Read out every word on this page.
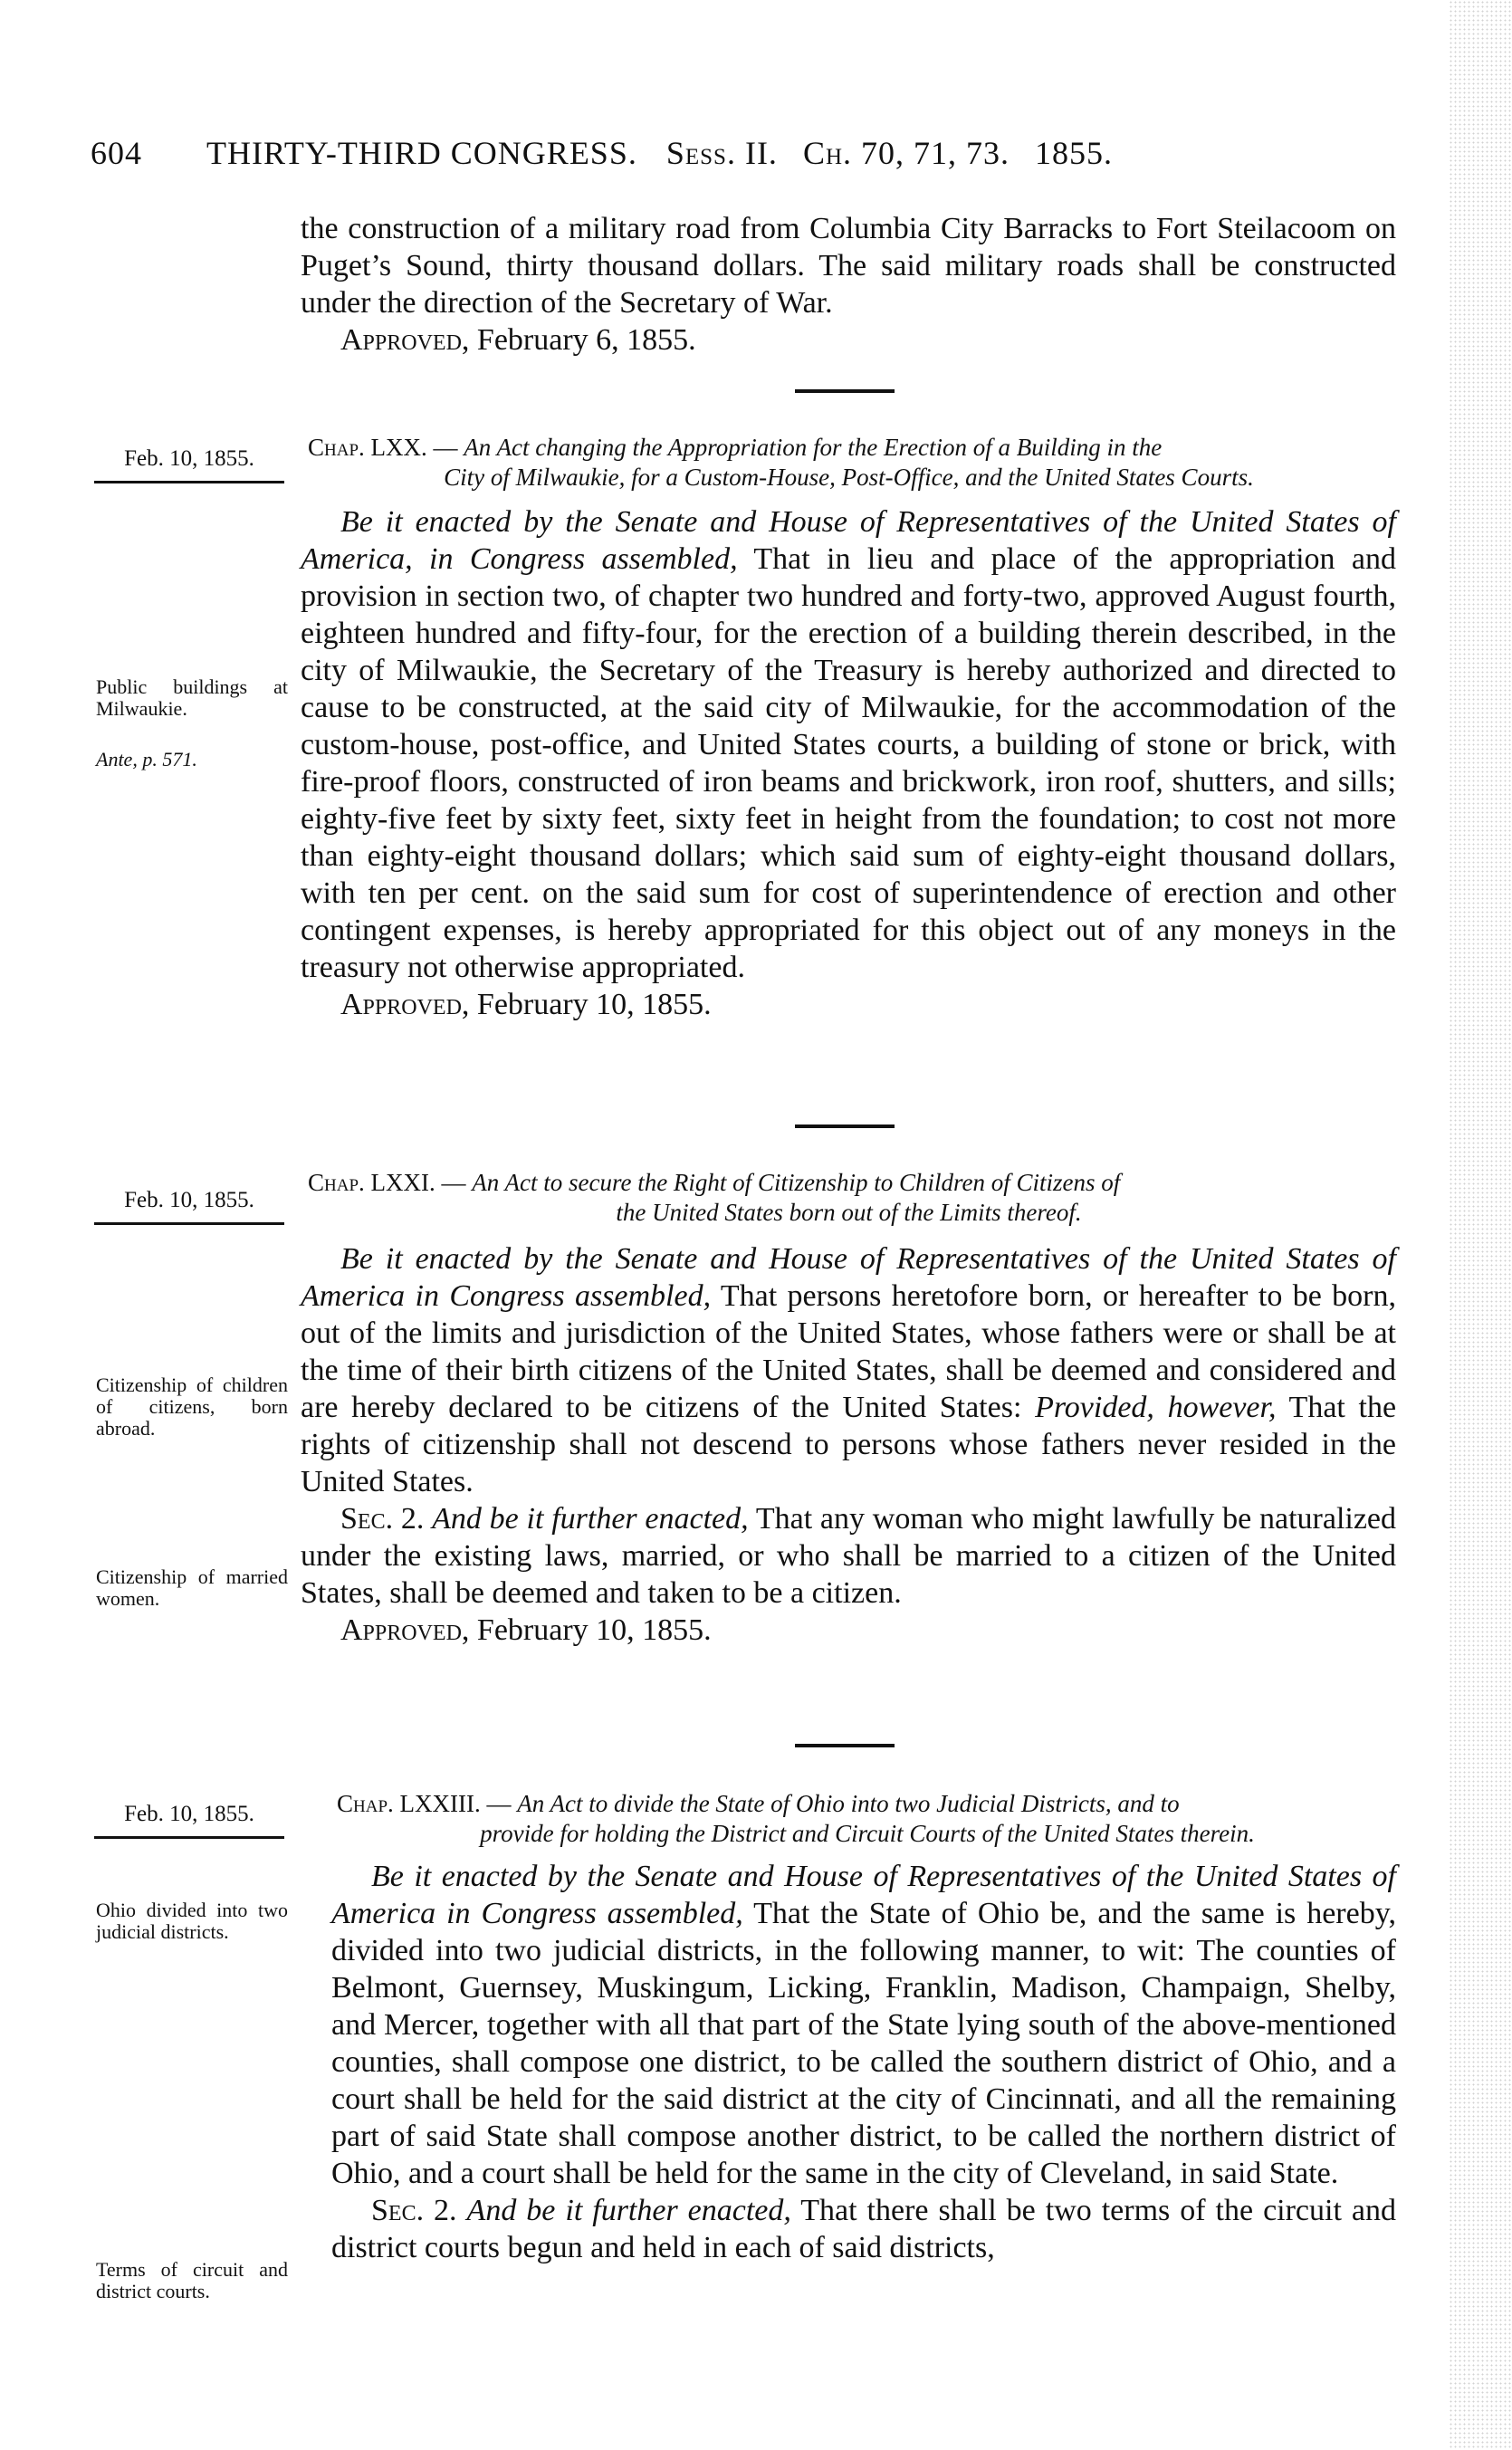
604	THIRTY-THIRD CONGRESS. Sess. II. Ch. 70, 71, 73. 1855.

the construction of a military road from Columbia City Barracks to Fort Steilacoom on Puget’s Sound, thirty thousand dollars. The said military roads shall be constructed under the direction of the Secretary of War.

Approved, February 6, 1855.

Feb. 10, 1855.	Chap. LXX. — An Act changing the Appropriation for the Erection of a Building in the
City of Milwaukie, for a Custom-House, Post-Office, and the United States Courts.

Be it enacted by the Senate and House of Representatives of the United States of America, in Congress assembled, That in lieu and place of the appropriation and provision in section two, of chapter two hundred and forty-two, approved August fourth, eighteen hundred and fifty-four, for the erection of a building therein described, in the city of Milwaukie, the Secretary of the Treasury is hereby authorized and directed to cause to be constructed, at the said city of Milwaukie, for the accommodation of the custom-house, post-office, and United States courts, a building of stone or brick, with fire-proof floors, constructed of iron beams and brickwork, iron roof, shutters, and sills; eighty-five feet by sixty feet, sixty feet in height from the foundation; to cost not more than eighty-eight thousand dollars; which said sum of eighty-eight thousand dollars, with ten per cent. on the said sum for cost of superintendence of erection and other contingent expenses, is hereby appropriated for this object out of any moneys in the treasury not otherwise appropriated.

Approved, February 10, 1855.

Public buildings at Milwaukie.
Ante, p. 571.
Feb. 10, 1855.
Chap. LXXI. — An Act to secure the Right of Citizenship to Children of Citizens of
the United States born out of the Limits thereof.

Be it enacted by the Senate and House of Representatives of the United States of America in Congress assembled, That persons heretofore born, or hereafter to be born, out of the limits and jurisdiction of the United States, whose fathers were or shall be at the time of their birth citizens of the United States, shall be deemed and considered and are hereby declared to be citizens of the United States: Provided, however, That the rights of citizenship shall not descend to persons whose fathers never resided in the United States.

Sec. 2. And be it further enacted, That any woman who might lawfully be naturalized under the existing laws, married, or who shall be married to a citizen of the United States, shall be deemed and taken to be a citizen.

Approved, February 10, 1855.

Citizenship of children of citizens, born abroad.
Citizenship of married women.
Feb. 10, 1855.	Chap. LXXIII. — An Act to divide the State of Ohio into two Judicial Districts, and to
provide for holding the District and Circuit Courts of the United States therein.

Be it enacted by the Senate and House of Representatives of the United States of America in Congress assembled, That the State of Ohio be, and the same is hereby, divided into two judicial districts, in the following manner, to wit: The counties of Belmont, Guernsey, Muskingum, Licking, Franklin, Madison, Champaign, Shelby, and Mercer, together with all that part of the State lying south of the above-mentioned counties, shall compose one district, to be called the southern district of Ohio, and a court shall be held for the said district at the city of Cincinnati, and all the remaining part of said State shall compose another district, to be called the northern district of Ohio, and a court shall be held for the same in the city of Cleveland, in said State.

Sec. 2. And be it further enacted, That there shall be two terms of the circuit and district courts begun and held in each of said districts,

Ohio divided into two judicial districts.
Terms of circuit and district courts.
